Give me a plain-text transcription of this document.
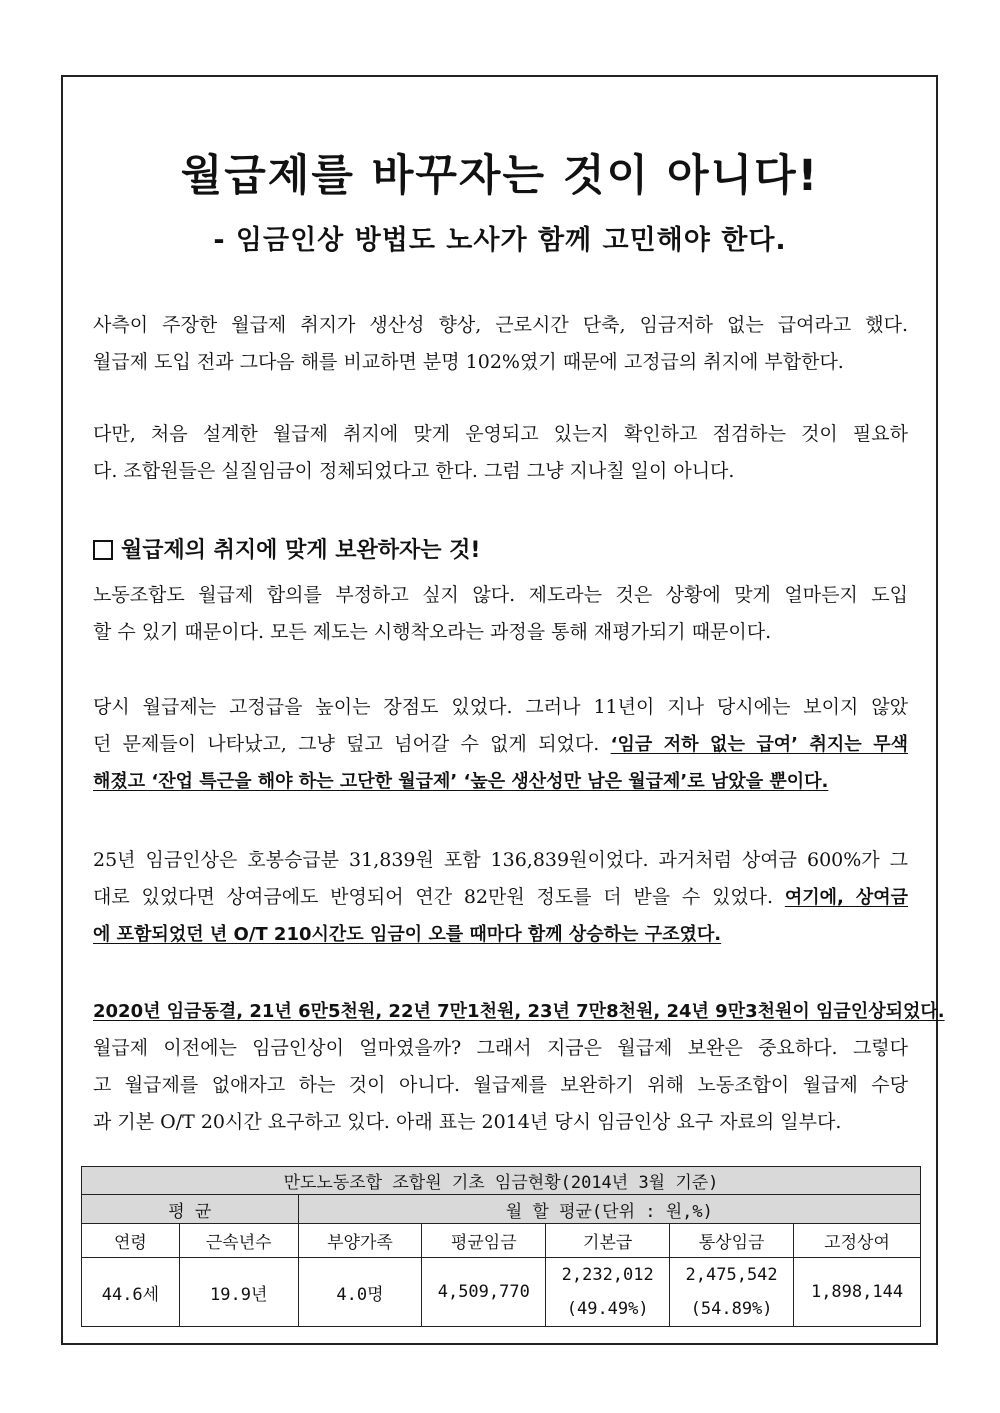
월급제를 바꾸자는 것이 아니다!
- 임금인상 방법도 노사가 함께 고민해야 한다.
사측이 주장한 월급제 취지가 생산성 향상, 근로시간 단축, 임금저하 없는 급여라고 했다.
월급제 도입 전과 그다음 해를 비교하면 분명 102%였기 때문에 고정급의 취지에 부합한다.
다만, 처음 설계한 월급제 취지에 맞게 운영되고 있는지 확인하고 점검하는 것이 필요하
다. 조합원들은 실질임금이 정체되었다고 한다. 그럼 그냥 지나칠 일이 아니다.
월급제의 취지에 맞게 보완하자는 것!
노동조합도 월급제 합의를 부정하고 싶지 않다. 제도라는 것은 상황에 맞게 얼마든지 도입
할 수 있기 때문이다. 모든 제도는 시행착오라는 과정을 통해 재평가되기 때문이다.
당시 월급제는 고정급을 높이는 장점도 있었다. 그러나 11년이 지나 당시에는 보이지 않았
던 문제들이 나타났고, 그냥 덮고 넘어갈 수 없게 되었다. ‘임금 저하 없는 급여’ 취지는 무색
해졌고 ‘잔업 특근을 해야 하는 고단한 월급제’ ‘높은 생산성만 남은 월급제’로 남았을 뿐이다.
25년 임금인상은 호봉승급분 31,839원 포함 136,839원이었다. 과거처럼 상여금 600%가 그
대로 있었다면 상여금에도 반영되어 연간 82만원 정도를 더 받을 수 있었다. 여기에, 상여금
에 포함되었던 년 O/T 210시간도 임금이 오를 때마다 함께 상승하는 구조였다.
2020년 임금동결, 21년 6만5천원, 22년 7만1천원, 23년 7만8천원, 24년 9만3천원이 임금인상되었다.
월급제 이전에는 임금인상이 얼마였을까? 그래서 지금은 월급제 보완은 중요하다. 그렇다
고 월급제를 없애자고 하는 것이 아니다. 월급제를 보완하기 위해 노동조합이 월급제 수당
과 기본 O/T 20시간 요구하고 있다. 아래 표는 2014년 당시 임금인상 요구 자료의 일부다.
만도노동조합 조합원 기초 임금현황(2014년 3월 기준)						
평 균		월 할 평균(단위 : 원,%)				
연령	근속년수	부양가족	평균임금	기본급	통상임금	고정상여
44.6세	19.9년	4.0명	4,509,770	2,232,012	2,475,542	1,898,144
				(49.49%)	(54.89%)	
